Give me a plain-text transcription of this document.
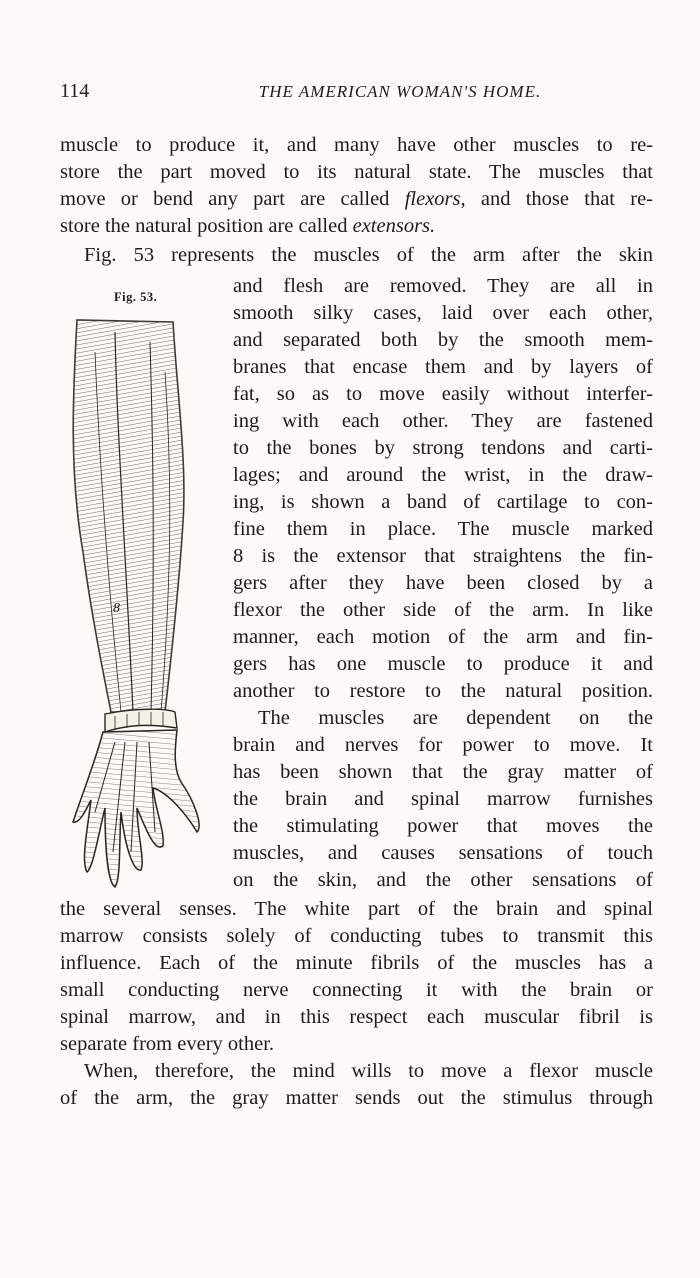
114	THE AMERICAN WOMAN'S HOME.
muscle to produce it, and many have other muscles to re-
store the part moved to its natural state. The muscles that
move or bend any part are called flexors, and those that re-
store the natural position are called extensors.
Fig. 53 represents the muscles of the arm after the skin
Fig. 53.
8
and flesh are removed. They are all in
smooth silky cases, laid over each other,
and separated both by the smooth mem-
branes that encase them and by layers of
fat, so as to move easily without interfer-
ing with each other. They are fastened
to the bones by strong tendons and carti-
lages; and around the wrist, in the draw-
ing, is shown a band of cartilage to con-
fine them in place. The muscle marked
8 is the extensor that straightens the fin-
gers after they have been closed by a
flexor the other side of the arm. In like
manner, each motion of the arm and fin-
gers has one muscle to produce it and
another to restore to the natural position.
The muscles are dependent on the
brain and nerves for power to move. It
has been shown that the gray matter of
the brain and spinal marrow furnishes
the stimulating power that moves the
muscles, and causes sensations of touch
on the skin, and the other sensations of
the several senses. The white part of the brain and spinal
marrow consists solely of conducting tubes to transmit this
influence. Each of the minute fibrils of the muscles has a
small conducting nerve connecting it with the brain or
spinal marrow, and in this respect each muscular fibril is
separate from every other.
When, therefore, the mind wills to move a flexor muscle
of the arm, the gray matter sends out the stimulus through
